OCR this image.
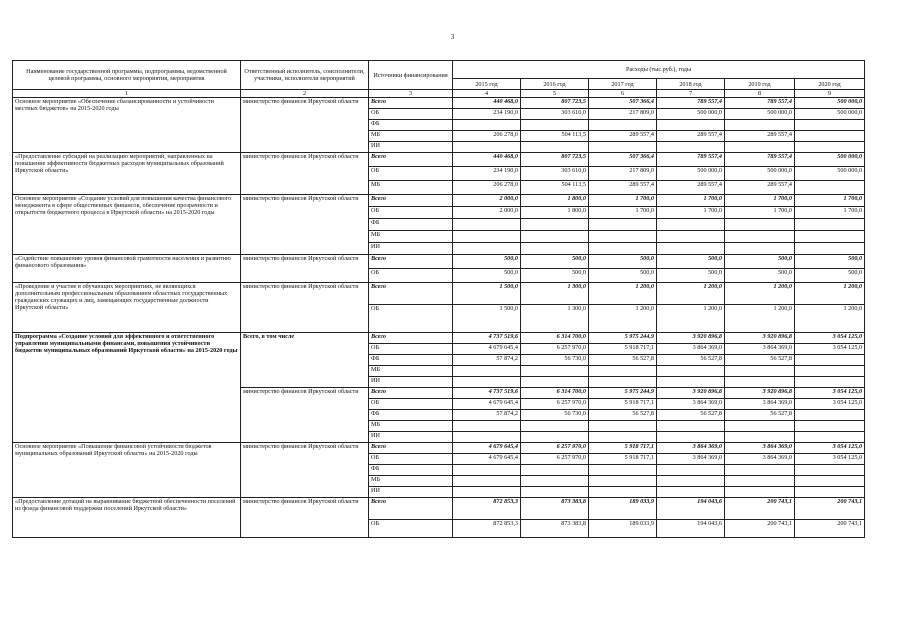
3
Наименование государственной программы, подпрограммы, ведомственной целевой программы, основного мероприятия, мероприятия	Ответственный исполнитель, соисполнители, участники, исполнители мероприятий	Источники финансирования	Расходы (тыс.руб.), годы					
			2015 год	2016 год	2017 год	2018 год	2019 год	2020 год
1	2	3	4	5	6	7	8	9
Основное мероприятие «Обеспечение сбалансированности и устойчивости местных бюджетов» на 2015-2020 годы	министерство финансов Иркутской области	Всего	440 468,0	807 723,5	507 366,4	789 557,4	789 557,4	500 000,0
		ОБ	234 190,0	303 610,0	217 809,0	500 000,0	500 000,0	500 000,0
		ФБ						
		МБ	206 278,0	504 113,5	289 557,4	289 557,4	289 557,4	
		ИИ						
«Предоставление субсидий на реализацию мероприятий, направленных на повышение эффективности бюджетных расходов муниципальных образований Иркутской области»	министерство финансов Иркутской области	Всего	440 468,0	807 723,5	507 366,4	789 557,4	789 557,4	500 000,0
		ОБ	234 190,0	303 610,0	217 809,0	500 000,0	500 000,0	500 000,0
		МБ	206 278,0	504 113,5	289 557,4	289 557,4	289 557,4	
Основное мероприятие «Создание условий для повышения качества финансового менеджмента в сфере общественных финансов, обеспечение прозрачности и открытости бюджетного процесса в Иркутской области» на 2015-2020 годы	министерство финансов Иркутской области	Всего	2 000,0	1 800,0	1 700,0	1 700,0	1 700,0	1 700,0
		ОБ	2 000,0	1 800,0	1 700,0	1 700,0	1 700,0	1 700,0
		ФБ						
		МБ						
		ИИ						
«Содействие повышению уровня финансовой грамотности населения и развитию финансового образования»	министерство финансов Иркутской области	Всего	500,0	500,0	500,0	500,0	500,0	500,0
		ОБ	500,0	500,0	500,0	500,0	500,0	500,0
«Проведение и участие в обучающих мероприятиях, не являющихся дополнительным профессиональным образованием областных государственных гражданских служащих и лиц, замещающих государственные должности Иркутской области»	министерство финансов Иркутской области	Всего	1 500,0	1 300,0	1 200,0	1 200,0	1 200,0	1 200,0
		ОБ	1 500,0	1 300,0	1 200,0	1 200,0	1 200,0	1 200,0
Подпрограмма «Создание условий для эффективного и ответственного управления муниципальными финансами, повышения устойчивости бюджетов муниципальных образований Иркутской области» на 2015-2020 годы	Всего, в том числе	Всего	4 737 519,6	6 314 700,0	5 975 244,9	3 920 896,8	3 920 896,8	3 054 125,0
		ОБ	4 679 645,4	6 257 970,0	5 918 717,1	3 864 369,0	3 864 369,0	3 054 125,0
		ФБ	57 874,2	56 730,0	56 527,8	56 527,8	56 527,8	
		МБ						
		ИИ						
	министерство финансов Иркутской области	Всего	4 737 519,6	6 314 700,0	5 975 244,9	3 920 896,8	3 920 896,8	3 054 125,0
		ОБ	4 679 645,4	6 257 970,0	5 918 717,1	3 864 369,0	3 864 369,0	3 054 125,0
		ФБ	57 874,2	56 730,0	56 527,8	56 527,8	56 527,8	
		МБ						
		ИИ						
Основное мероприятие «Повышение финансовой устойчивости бюджетов муниципальных образований Иркутской области» на 2015-2020 годы	министерство финансов Иркутской области	Всего	4 679 645,4	6 257 970,0	5 918 717,1	3 864 369,0	3 864 369,0	3 054 125,0
		ОБ	4 679 645,4	6 257 970,0	5 918 717,1	3 864 369,0	3 864 369,0	3 054 125,0
		ФБ						
		МБ						
		ИИ						
«Предоставление дотаций на выравнивание бюджетной обеспеченности поселений из фонда финансовой поддержки поселений Иркутской области»	министерство финансов Иркутской области	Всего	872 853,3	873 383,8	189 033,9	194 043,6	200 743,1	200 743,1
		ОБ	872 853,3	873 383,8	189 033,9	194 043,6	200 743,1	200 743,1
